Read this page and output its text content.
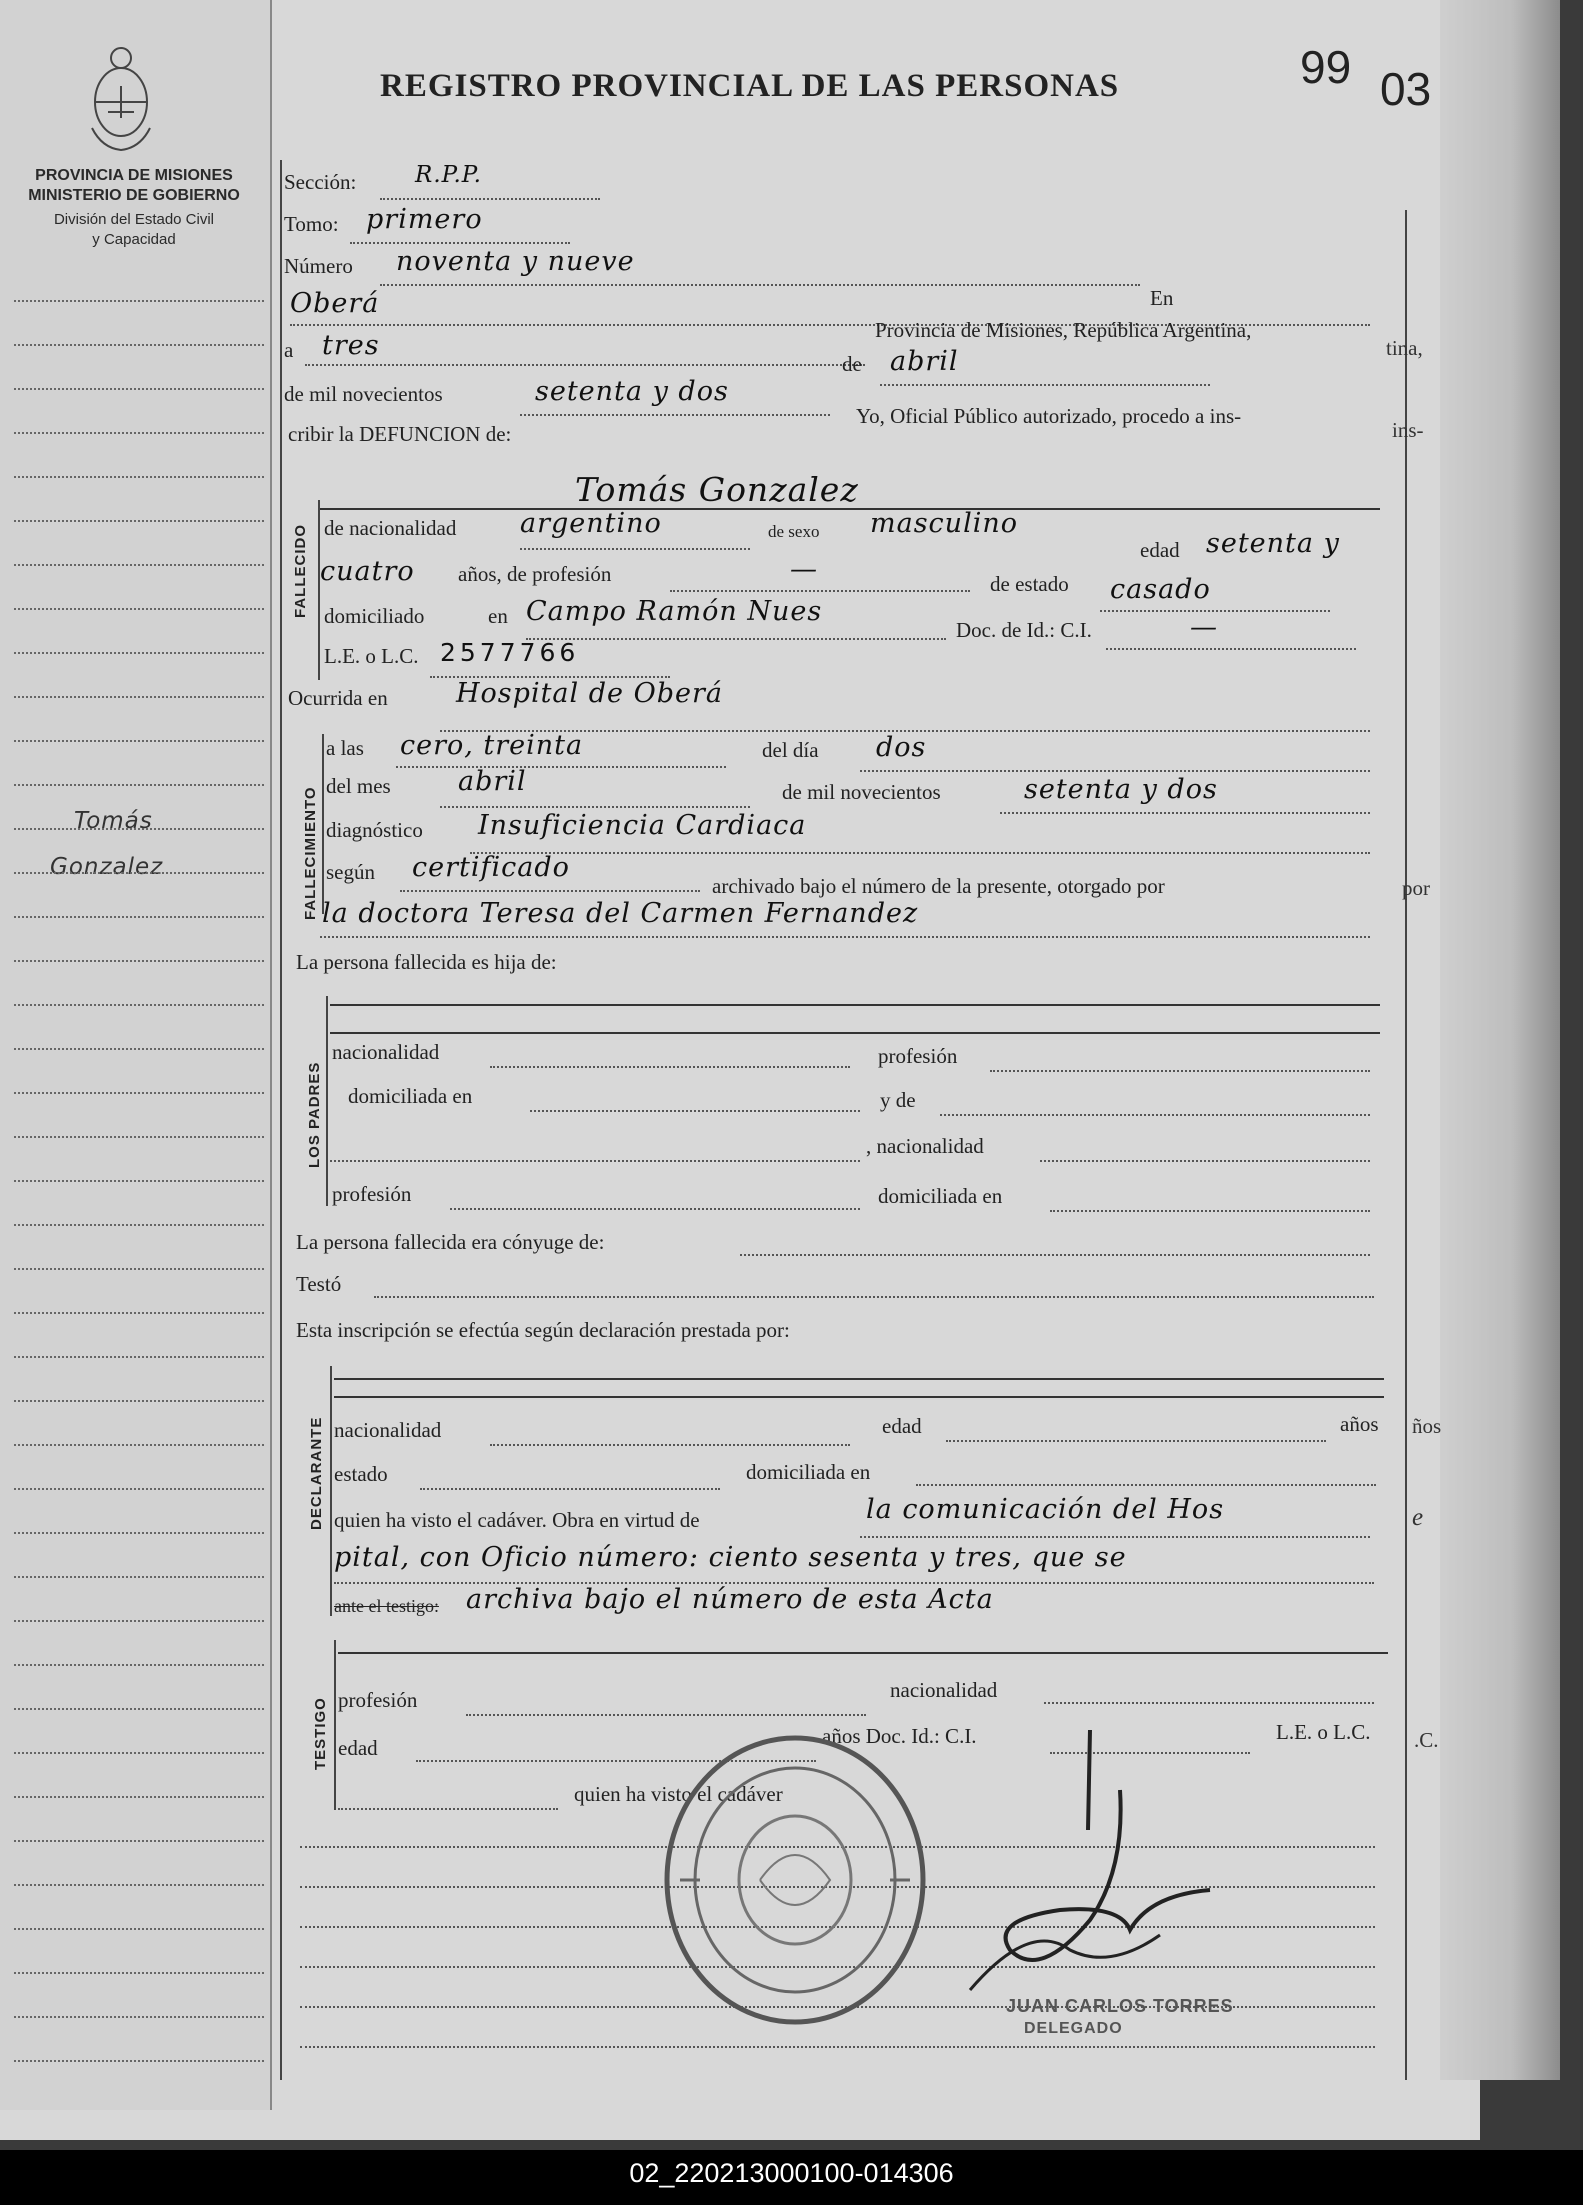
PROVINCIA DE MISIONES
MINISTERIO DE GOBIERNO
División del Estado Civil
y Capacidad
Tomás
Gonzalez
REGISTRO PROVINCIAL DE LAS PERSONAS	99 03
Sección:	R.P.P.
Tomo: primero
Número noventa y nueve
Oberá	En
a tres	Provincia de Misiones, República Argentina,
tina,
de mil novecientos
de abril
setenta y dos
Yo, Oficial Público autorizado, procedo a ins-
ins-
cribir la DEFUNCION de:
FALLECIDO
Tomás Gonzalez
de nacionalidad argentino	de sexo masculino
edad setenta y
cuatro años, de profesión	—	de estado casado
domiciliado	en Campo Ramón Nues
Doc. de Id.: C.I.	—
L.E. o L.C. 2577766
Ocurrida en	Hospital de Oberá
FALLECIMIENTO
a las cero, treinta	del día dos
del mes abril	de mil novecientos	setenta y dos
diagnóstico Insuficiencia Cardiaca
según certificado
archivado bajo el número de la presente, otorgado por	por
la doctora Teresa del Carmen Fernandez
La persona fallecida es hija de:
LOS PADRES
nacionalidad	profesión
domiciliada en	y de
, nacionalidad
profesión	domiciliada en
La persona fallecida era cónyuge de:
Testó
Esta inscripción se efectúa según declaración prestada por:
DECLARANTE nacionalidad	edad	años ños
estado	domiciliada en
quien ha visto el cadáver. Obra en virtud de	la comunicación del Hos	e
pital, con Oficio número: ciento sesenta y tres, que se
ante el testigo: archiva bajo el número de esta Acta
TESTIGO
nacionalidad
profesión
edad	años Doc. Id.: C.I.	L.E. o L.C. .C.
quien ha visto el cadáver
JUAN CARLOS TORRES
DELEGADO
02_220213000100-014306
